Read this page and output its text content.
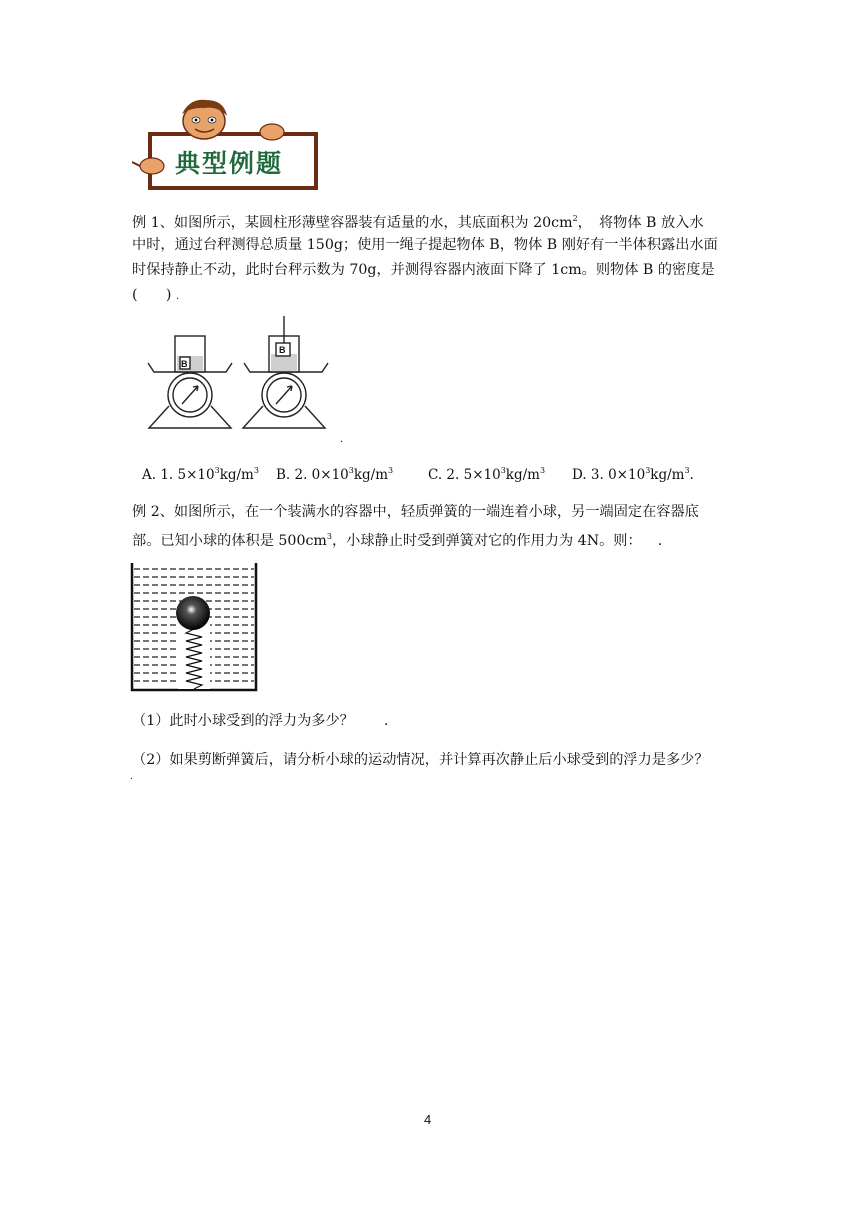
典型例题
例 1、如图所示，某圆柱形薄壁容器装有适量的水，其底面积为 $20cm^2$，　将物体 B 放入水
中时，通过台秤测得总质量 150g；使用一绳子提起物体 B，物体 B 刚好有一半体积露出水面
时保持静止不动，此时台秤示数为 70g，并测得容器内液面下降了 1cm。则物体 B 的密度是
(　　) .
B
B
.
A. 1. $5\times 10^3kg/m^3$ B. 2. $0\times 10^3kg/m^3$	C. 2. $5\times 10^3kg/m^3$ D. 3. $0\times 10^3kg/m^3$.
例 2、如图所示，在一个装满水的容器中，轻质弹簧的一端连着小球，另一端固定在容器底
部。已知小球的体积是 $500cm^3$，小球静止时受到弹簧对它的作用力为 4N。则： .
（1）此时小球受到的浮力为多少？ .
（2）如果剪断弹簧后，请分析小球的运动情况，并计算再次静止后小球受到的浮力是多少？
.
4
